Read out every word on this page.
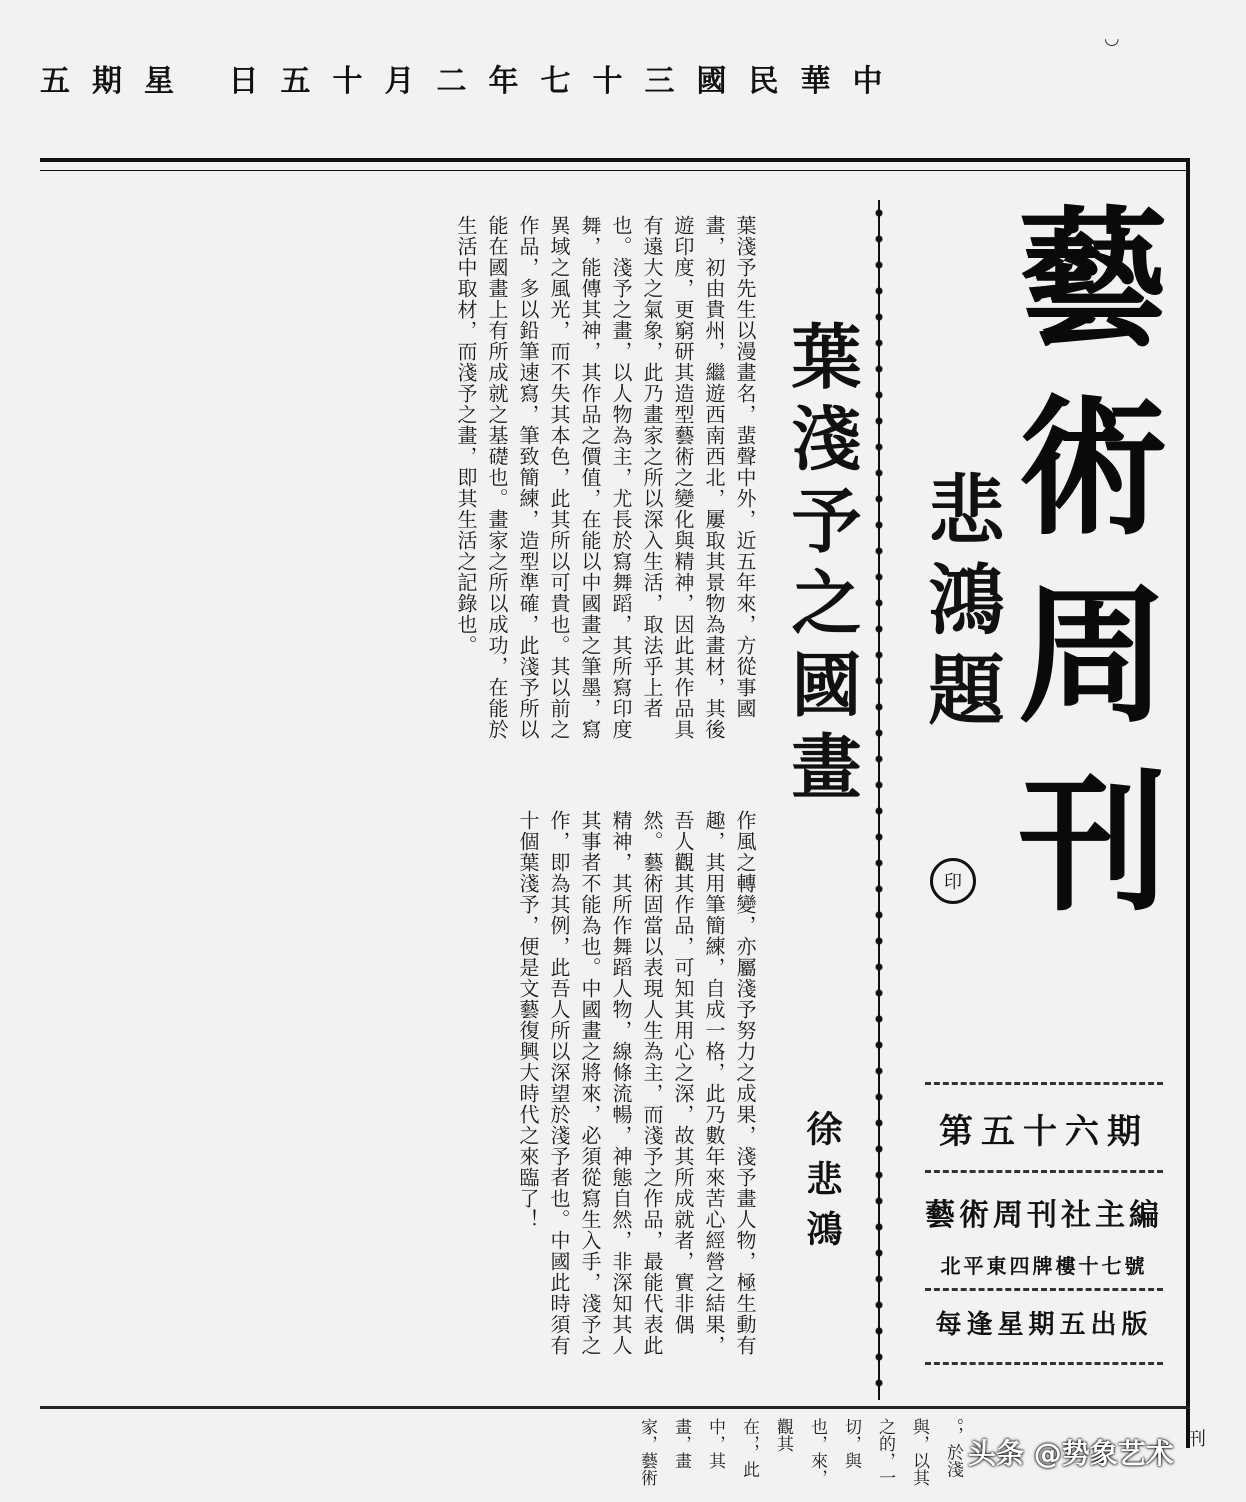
◡
五期星 日五十月二年七十三國民華中
藝術周刊
悲鴻題
印
第五十六期
藝術周刊社主編
北平東四牌樓十七號
每逢星期五出版
葉淺予之國畫
徐悲鴻
葉淺予先生以漫畫名，蜚聲中外，近五年來，方從事國畫，初由貴州，繼遊西南西北，屢取其景物為畫材，其後遊印度，更窮研其造型藝術之變化與精神，因此其作品具有遠大之氣象，此乃畫家之所以深入生活，取法乎上者也。淺予之畫，以人物為主，尤長於寫舞蹈，其所寫印度舞，能傳其神，其作品之價值，在能以中國畫之筆墨，寫異域之風光，而不失其本色，此其所以可貴也。其以前之作品，多以鉛筆速寫，筆致簡練，造型準確，此淺予所以能在國畫上有所成就之基礎也。畫家之所以成功，在能於生活中取材，而淺予之畫，即其生活之記錄也。
作風之轉變，亦屬淺予努力之成果，淺予畫人物，極生動有趣，其用筆簡練，自成一格，此乃數年來苦心經營之結果，吾人觀其作品，可知其用心之深，故其所成就者，實非偶然。藝術固當以表現人生為主，而淺予之作品，最能代表此精神，其所作舞蹈人物，線條流暢，神態自然，非深知其人其事者不能為也。中國畫之將來，必須從寫生入手，淺予之作，即為其例，此吾人所以深望於淺予者也。中國此時須有十個葉淺予，便是文藝復興大時代之來臨了！
。，於淺與，以其之的，一切，與也，來，觀其在，，此中，其畫，畫家，藝術	刊
头条 @势象艺术
